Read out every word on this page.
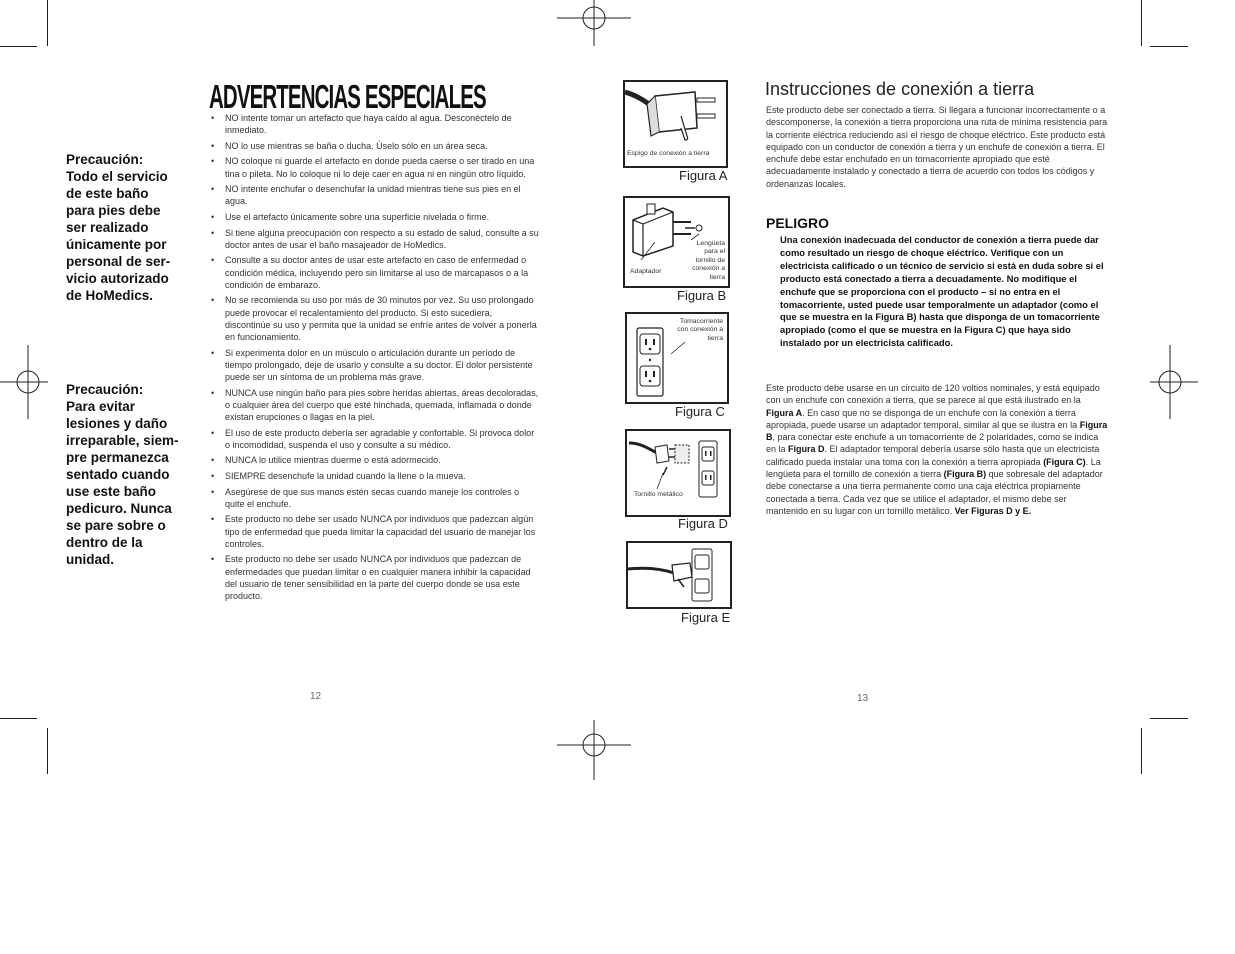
Precaución:
Todo el servicio
de este baño
para pies debe
ser realizado
únicamente por
personal de ser-
vicio autorizado
de HoMedics.
Precaución:
Para evitar
lesiones y daño
irreparable, siem-
pre permanezca
sentado cuando
use este baño
pedicuro. Nunca
se pare sobre o
dentro de la
unidad.
ADVERTENCIAS ESPECIALES
• NO intente tomar un artefacto que haya caído al agua. Desconéctelo de inmediato.
• NO lo use mientras se baña o ducha. Úselo sólo en un área seca.
• NO coloque ni guarde el artefacto en donde pueda caerse o ser tirado en una tina o pileta. No lo coloque ni lo deje caer en agua ni en ningún otro líquido.
• NO intente enchufar o desenchufar la unidad mientras tiene sus pies en el agua.
• Use el artefacto únicamente sobre una superficie nivelada o firme.
• Si tiene alguna preocupación con respecto a su estado de salud, consulte a su doctor antes de usar el baño masajeador de HoMedics.
• Consulte a su doctor antes de usar este artefacto en caso de enfermedad o condición médica, incluyendo pero sin limitarse al uso de marcapasos o a la condición de embarazo.
• No se recomienda su uso por más de 30 minutos por vez. Su uso prolongado puede provocar el recalentamiento del producto. Si esto sucediera, discontinúe su uso y permita que la unidad se enfríe antes de volver a ponerla en funcionamiento.
• Si experimenta dolor en un músculo o articulación durante un período de tiempo prolongado, deje de usarlo y consulte a su doctor. El dolor persistente puede ser un síntoma de un problema más grave.
• NUNCA use ningún baño para pies sobre heridas abiertas, áreas decoloradas, o cualquier área del cuerpo que esté hinchada, quemada, inflamada o donde existan erupciones o llagas en la piel.
• El uso de este producto debería ser agradable y confortable. Si provoca dolor o incomodidad, suspenda el uso y consulte a su médico.
• NUNCA lo utilice mientras duerme o está adormecido.
• SIEMPRE desenchufe la unidad cuando la llene o la mueva.
• Asegúrese de que sus manos estén secas cuando maneje los controles o quite el enchufe.
• Este producto no debe ser usado NUNCA por individuos que padezcan algún tipo de enfermedad que pueda limitar la capacidad del usuario de manejar los controles.
• Este producto no debe ser usado NUNCA por individuos que padezcan de enfermedades que puedan limitar o en cualquier manera inhibir la capacidad del usuario de tener sensibilidad en la parte del cuerpo donde se usa este producto.
12
Espigo de conexión a tierra
Figura A
Adaptador
Lengüeta para el tornillo de conexión a tierra
Figura B
Tomacorriente con conexión a tierra
Figura C
Tornillo metálico
Figura D
Figura E
Instrucciones de conexión a tierra
Este producto debe ser conectado a tierra. Si llegara a funcionar incorrectamente o a descomponerse, la conexión a tierra proporciona una ruta de mínima resistencia para la corriente eléctrica reduciendo así el riesgo de choque eléctrico. Este producto está equipado con un conductor de conexión a tierra y un enchufe de conexión a tierra. El enchufe debe estar enchufado en un tomacorriente apropiado que esté adecuadamente instalado y conectado a tierra de acuerdo con todos los códigos y ordenanzas locales.
PELIGRO
Una conexión inadecuada del conductor de conexión a tierra puede dar como resultado un riesgo de choque eléctrico. Verifique con un electricista calificado o un técnico de servicio si está en duda sobre si el producto está conectado a tierra a decuadamente. No modifique el enchufe que se proporciona con el producto – si no entra en el tomacorriente, usted puede usar temporalmente un adaptador (como el que se muestra en la Figura B) hasta que disponga de un tomacorriente apropiado (como el que se muestra en la Figura C) que haya sido instalado por un electricista calificado.
Este producto debe usarse en un circuito de 120 voltios nominales, y está equipado con un enchufe con conexión a tierra, que se parece al que está ilustrado en la Figura A. En caso que no se disponga de un enchufe con la conexión a tierra apropiada, puede usarse un adaptador temporal, similar al que se ilustra en la Figura B, para conectar este enchufe a un tomacorriente de 2 polaridades, como se indica en la Figura D. El adaptador temporal debería usarse sólo hasta que un electricista calificado pueda instalar una toma con la conexión a tierra apropiada (Figura C). La lengüeta para el tornillo de conexión a tierra (Figura B) que sobresale del adaptador debe conectarse a una tierra permanente como una caja eléctrica propiamente conectada a tierra. Cada vez que se utilice el adaptador, el mismo debe ser mantenido en su lugar con un tornillo metálico. Ver Figuras D y E.
13
